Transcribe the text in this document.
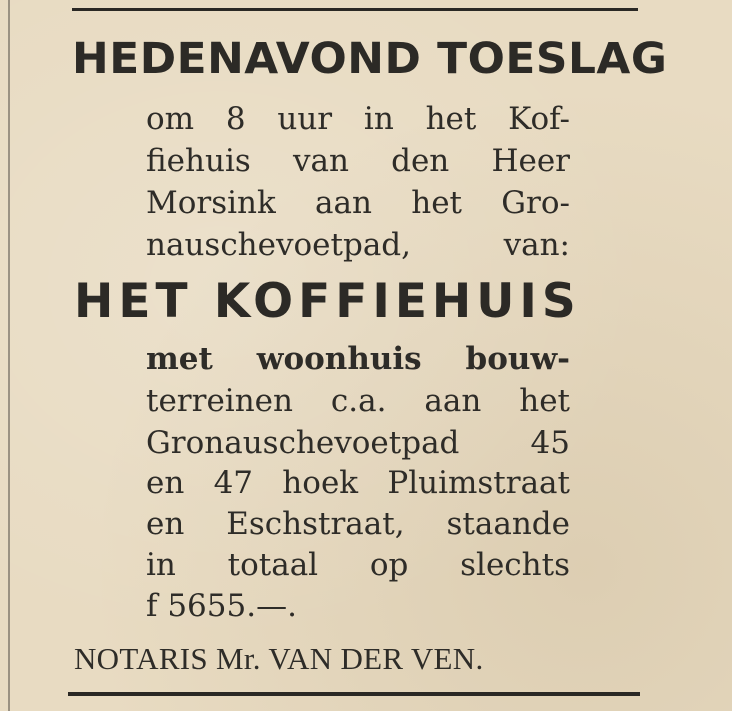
HEDENAVOND TOESLAG
om 8 uur in het Kof-
fiehuis van den Heer
Morsink aan het Gro-
nauschevoetpad, van:
HET KOFFIEHUIS
met woonhuis bouw-
terreinen c.a. aan het
Gronauschevoetpad 45
en 47 hoek Pluimstraat
en Eschstraat, staande
in totaal op slechts
f 5655.—.
NOTARIS Mr. VAN DER VEN.
